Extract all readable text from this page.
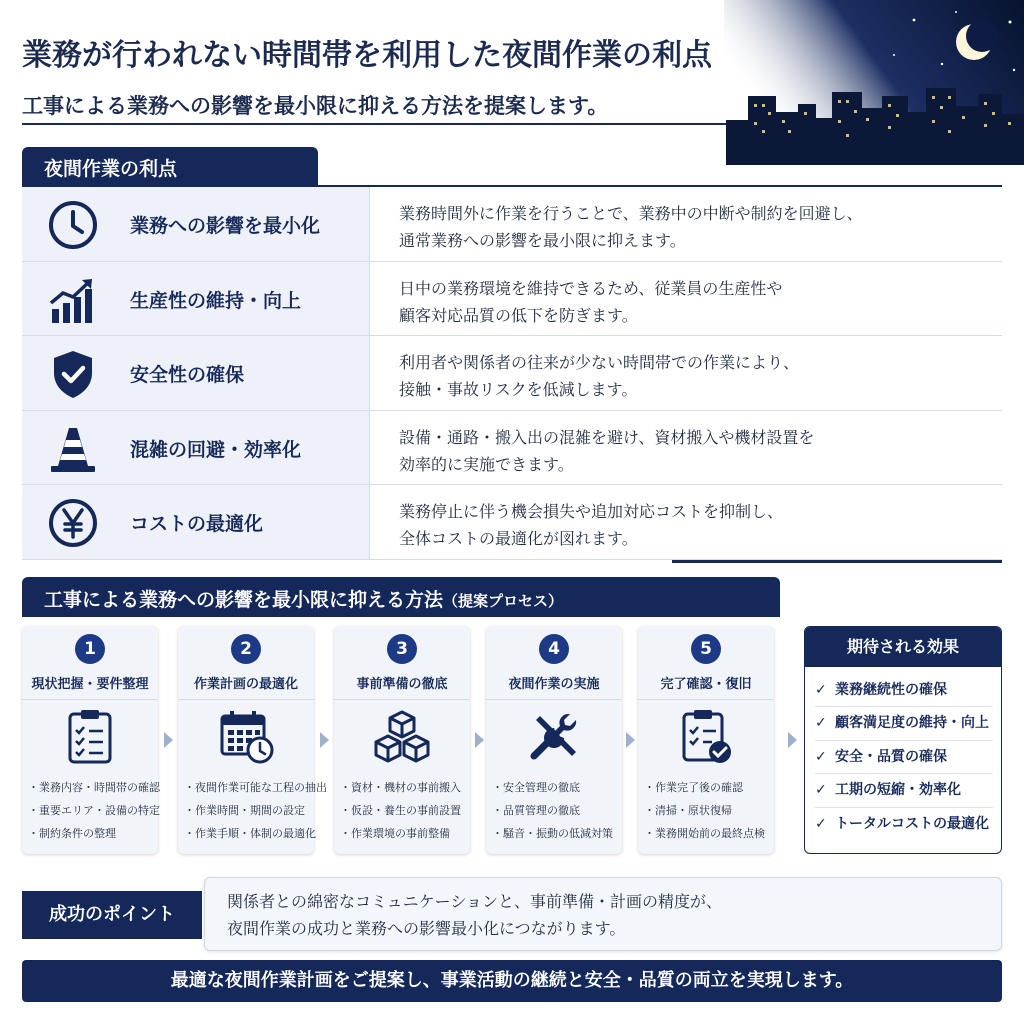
業務が行われない時間帯を利用した夜間作業の利点
工事による業務への影響を最小限に抑える方法を提案します。
夜間作業の利点
業務への影響を最小化
業務時間外に作業を行うことで、業務中の中断や制約を回避し、
通常業務への影響を最小限に抑えます。
生産性の維持・向上
日中の業務環境を維持できるため、従業員の生産性や
顧客対応品質の低下を防ぎます。
安全性の確保
利用者や関係者の往来が少ない時間帯での作業により、
接触・事故リスクを低減します。
混雑の回避・効率化
設備・通路・搬入出の混雑を避け、資材搬入や機材設置を
効率的に実施できます。
コストの最適化
業務停止に伴う機会損失や追加対応コストを抑制し、
全体コストの最適化が図れます。
工事による業務への影響を最小限に抑える方法（提案プロセス）
1
現状把握・要件整理
・業務内容・時間帯の確認
・重要エリア・設備の特定
・制約条件の整理
2
作業計画の最適化
・夜間作業可能な工程の抽出
・作業時間・期間の設定
・作業手順・体制の最適化
3
事前準備の徹底
・資材・機材の事前搬入
・仮設・養生の事前設置
・作業環境の事前整備
4
夜間作業の実施
・安全管理の徹底
・品質管理の徹底
・騒音・振動の低減対策
5
完了確認・復旧
・作業完了後の確認
・清掃・原状復帰
・業務開始前の最終点検
期待される効果
✓ 業務継続性の確保
✓ 顧客満足度の維持・向上
✓ 安全・品質の確保
✓ 工期の短縮・効率化
✓ トータルコストの最適化
関係者との綿密なコミュニケーションと、事前準備・計画の精度が、
夜間作業の成功と業務への影響最小化につながります。
成功のポイント
最適な夜間作業計画をご提案し、事業活動の継続と安全・品質の両立を実現します。
